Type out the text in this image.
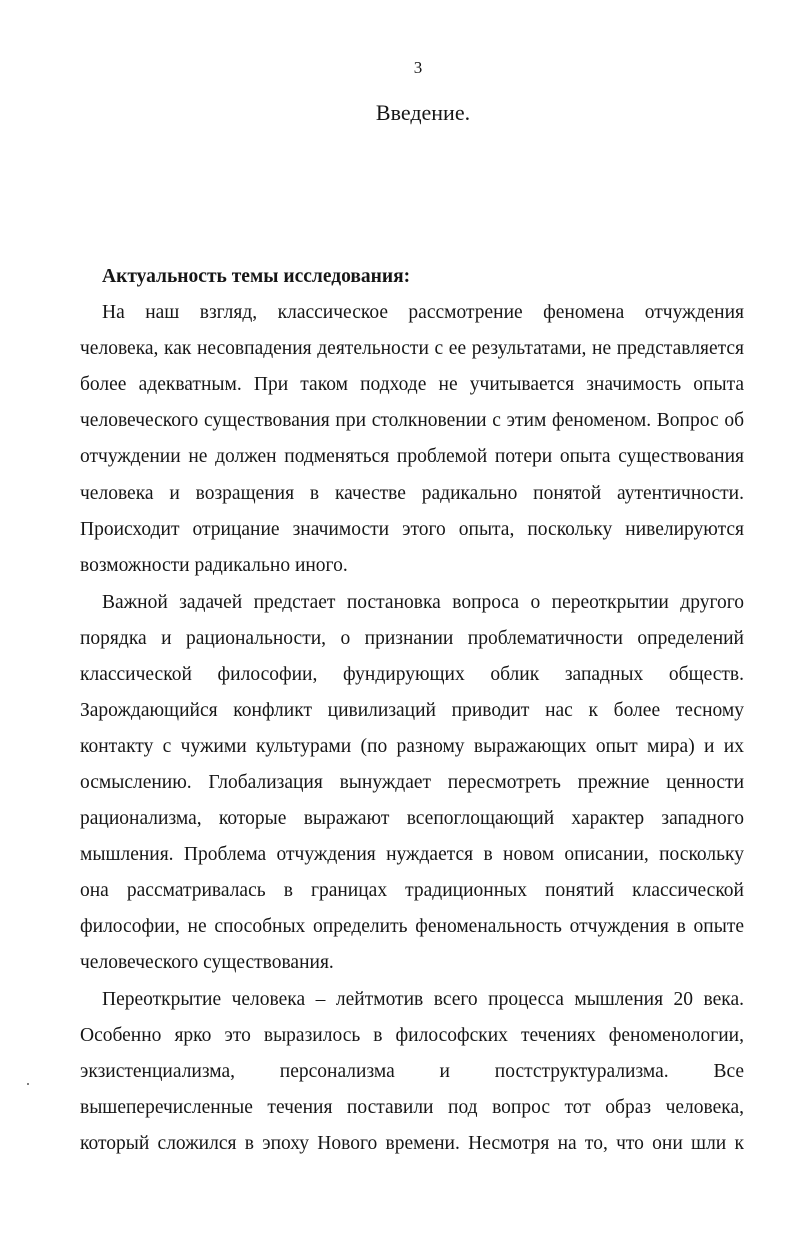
3
Введение.
Актуальность темы исследования:
На наш взгляд, классическое рассмотрение феномена отчуждения
человека, как несовпадения деятельности с ее результатами, не представляется
более адекватным. При таком подходе не учитывается значимость опыта
человеческого существования при столкновении с этим феноменом. Вопрос об
отчуждении не должен подменяться проблемой потери опыта существования
человека и возращения в качестве радикально понятой аутентичности.
Происходит отрицание значимости этого опыта, поскольку нивелируются
возможности радикально иного.
Важной задачей предстает постановка вопроса о переоткрытии другого
порядка и рациональности, о признании проблематичности определений
классической философии, фундирующих облик западных обществ.
Зарождающийся конфликт цивилизаций приводит нас к более тесному
контакту с чужими культурами (по разному выражающих опыт мира) и их
осмыслению. Глобализация вынуждает пересмотреть прежние ценности
рационализма, которые выражают всепоглощающий характер западного
мышления. Проблема отчуждения нуждается в новом описании, поскольку
она рассматривалась в границах традиционных понятий классической
философии, не способных определить феноменальность отчуждения в опыте
человеческого существования.
Переоткрытие человека – лейтмотив всего процесса мышления 20 века.
Особенно ярко это выразилось в философских течениях феноменологии,
экзистенциализма, персонализма и постструктурализма. Все
вышеперечисленные течения поставили под вопрос тот образ человека,
который сложился в эпоху Нового времени. Несмотря на то, что они шли к
